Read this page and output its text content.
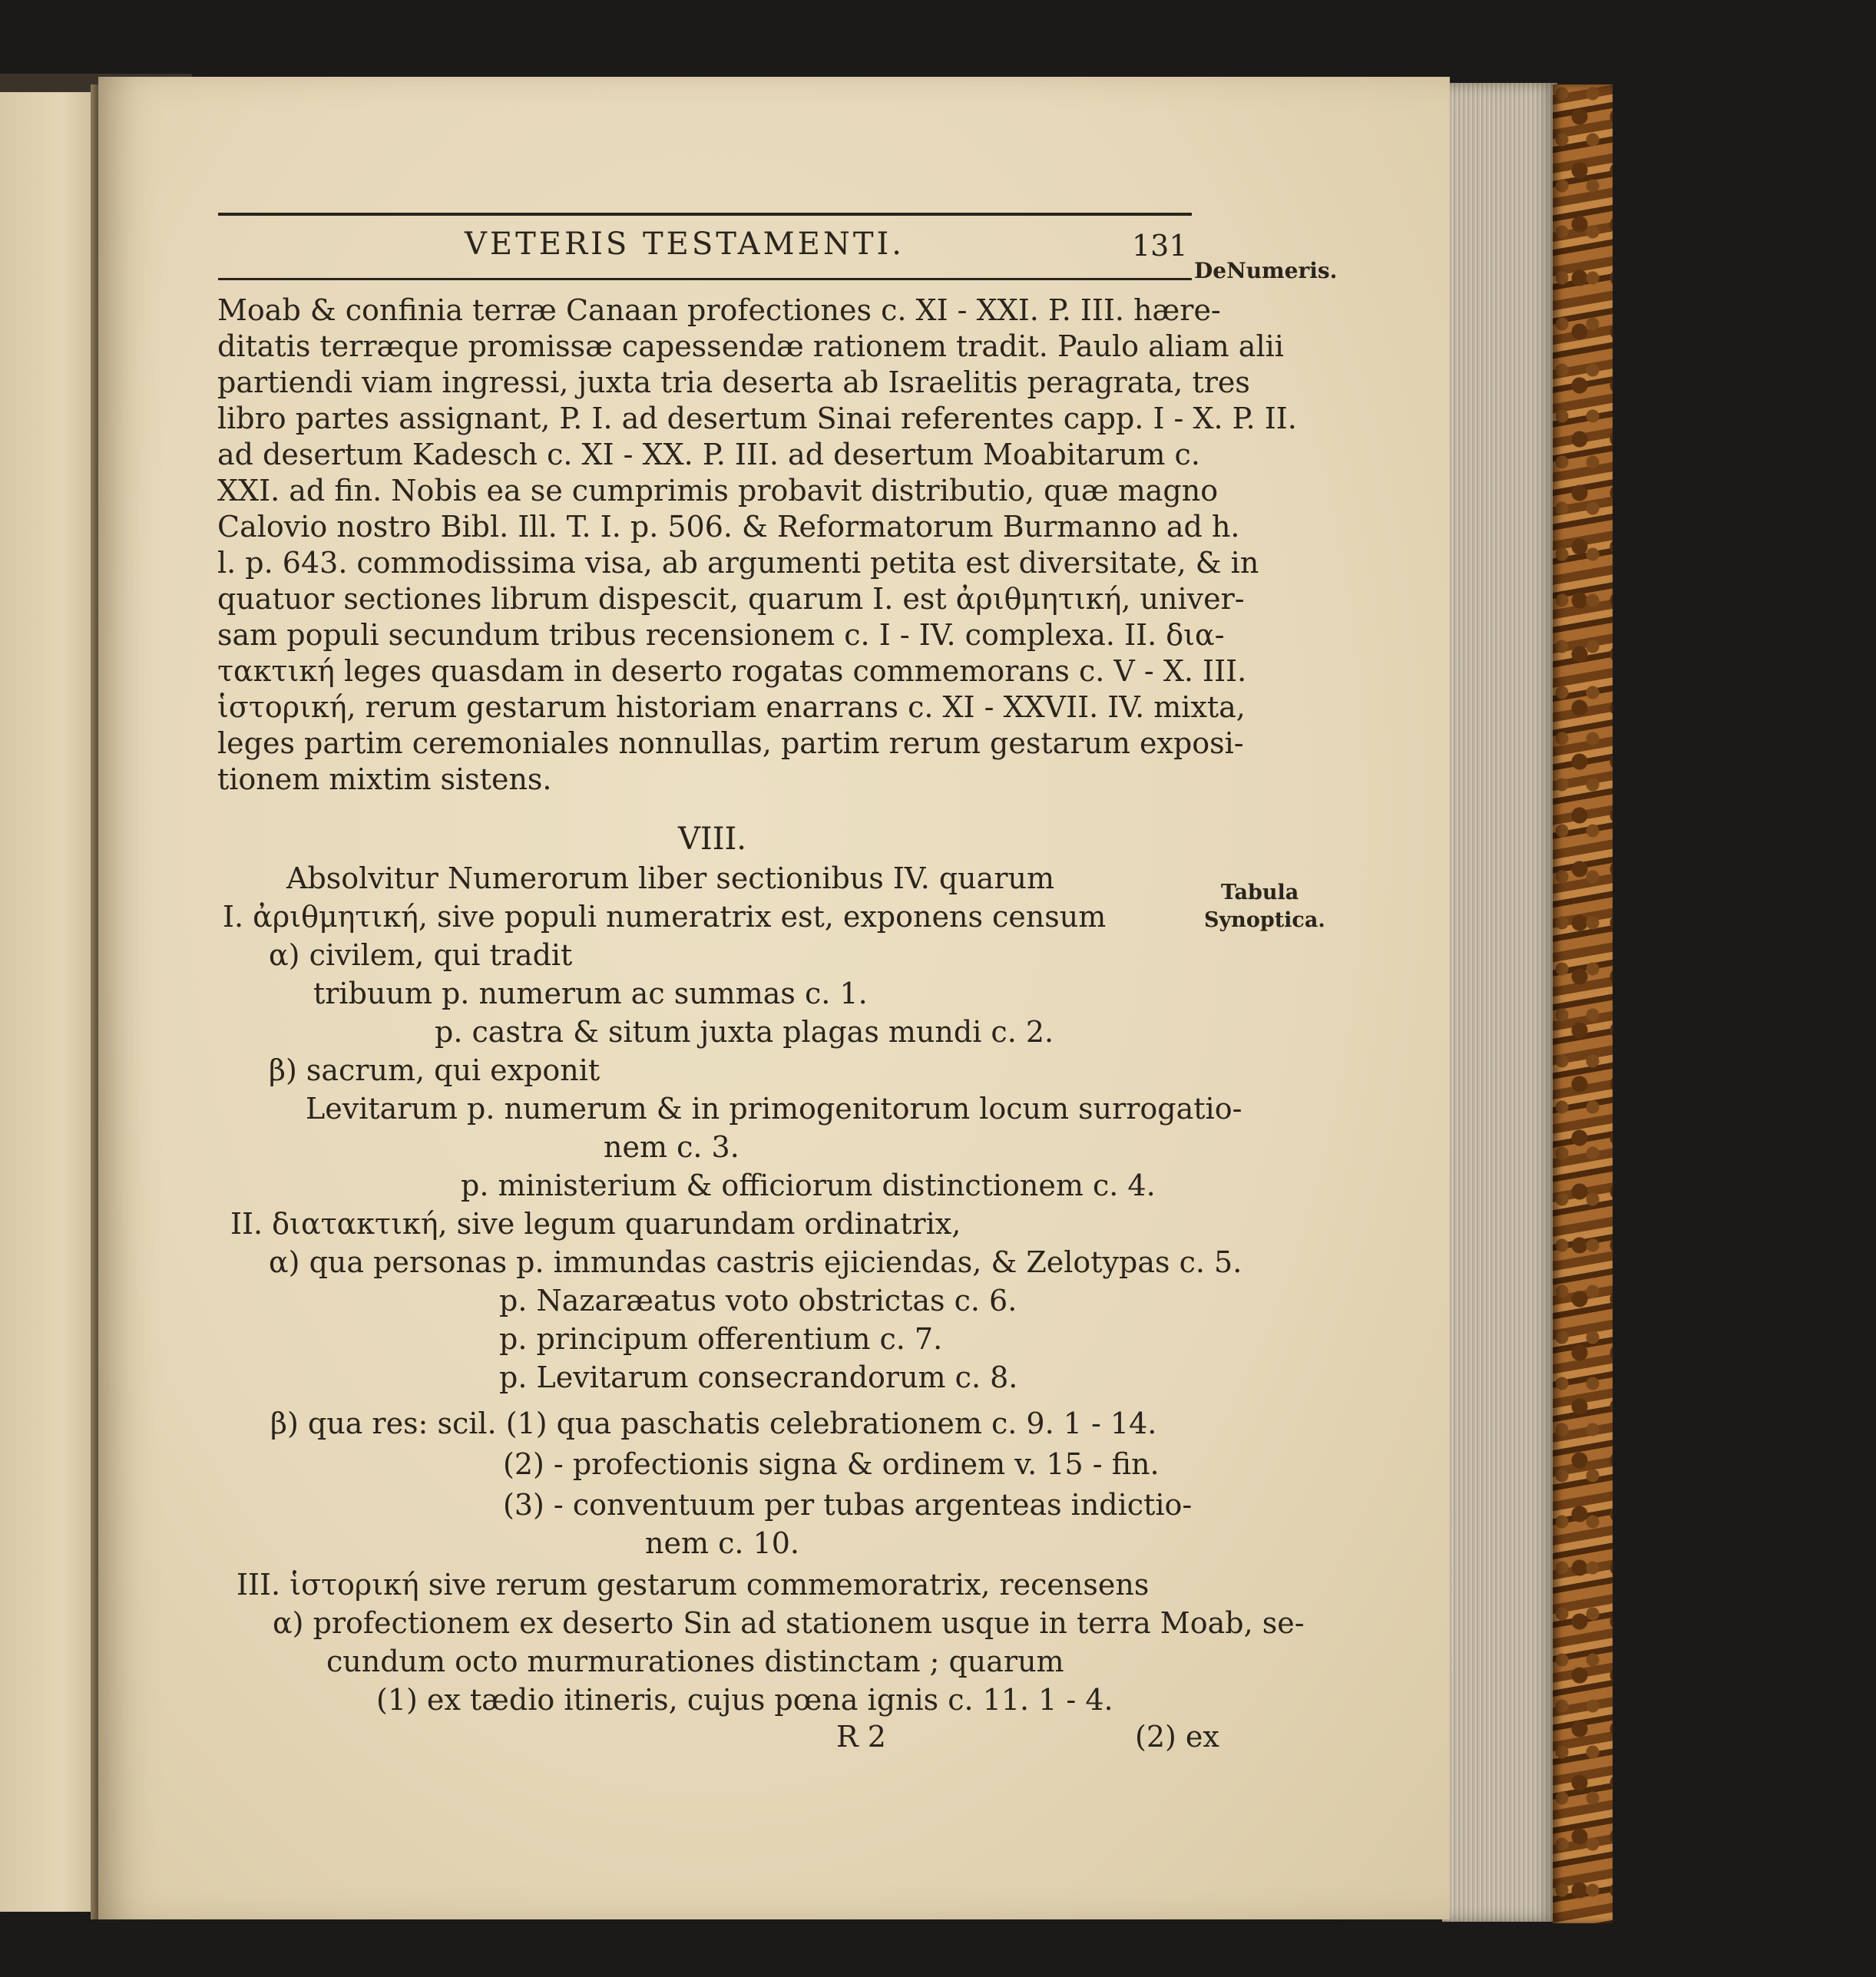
VETERIS TESTAMENTI.	131
DeNumeris.
Tabula
Synoptica.
Moab & confinia terræ Canaan profectiones c. XI - XXI. P. III. hære-
ditatis terræque promissæ capessendæ rationem tradit. Paulo aliam alii
partiendi viam ingressi, juxta tria deserta ab Israelitis peragrata, tres
libro partes assignant, P. I. ad desertum Sinai referentes capp. I - X. P. II.
ad desertum Kadesch c. XI - XX. P. III. ad desertum Moabitarum c.
XXI. ad fin. Nobis ea se cumprimis probavit distributio, quæ magno
Calovio nostro Bibl. Ill. T. I. p. 506. & Reformatorum Burmanno ad h.
l. p. 643. commodissima visa, ab argumenti petita est diversitate, & in
quatuor sectiones librum dispescit, quarum I. est ἀριθμητική, univer-
sam populi secundum tribus recensionem c. I - IV. complexa. II. δια-
τακτική leges quasdam in deserto rogatas commemorans c. V - X. III.
ἱστορική, rerum gestarum historiam enarrans c. XI - XXVII. IV. mixta,
leges partim ceremoniales nonnullas, partim rerum gestarum exposi-
tionem mixtim sistens.
VIII.
Absolvitur Numerorum liber sectionibus IV. quarum
I. ἀριθμητική, sive populi numeratrix est, exponens censum
α) civilem, qui tradit
tribuum p. numerum ac summas c. 1.
p. castra & situm juxta plagas mundi c. 2.
β) sacrum, qui exponit
Levitarum p. numerum & in primogenitorum locum surrogatio-
nem c. 3.
p. ministerium & officiorum distinctionem c. 4.
II. διατακτική, sive legum quarundam ordinatrix,
α) qua personas p. immundas castris ejiciendas, & Zelotypas c. 5.
p. Nazaræatus voto obstrictas c. 6.
p. principum offerentium c. 7.
p. Levitarum consecrandorum c. 8.
β) qua res: scil. (1) qua paschatis celebrationem c. 9. 1 - 14.
(2) - profectionis signa & ordinem v. 15 - fin.
(3) - conventuum per tubas argenteas indictio-
nem c. 10.
III. ἱστορική sive rerum gestarum commemoratrix, recensens
α) profectionem ex deserto Sin ad stationem usque in terra Moab, se-
cundum octo murmurationes distinctam ; quarum
(1) ex tædio itineris, cujus pœna ignis c. 11. 1 - 4.
R 2	(2) ex
